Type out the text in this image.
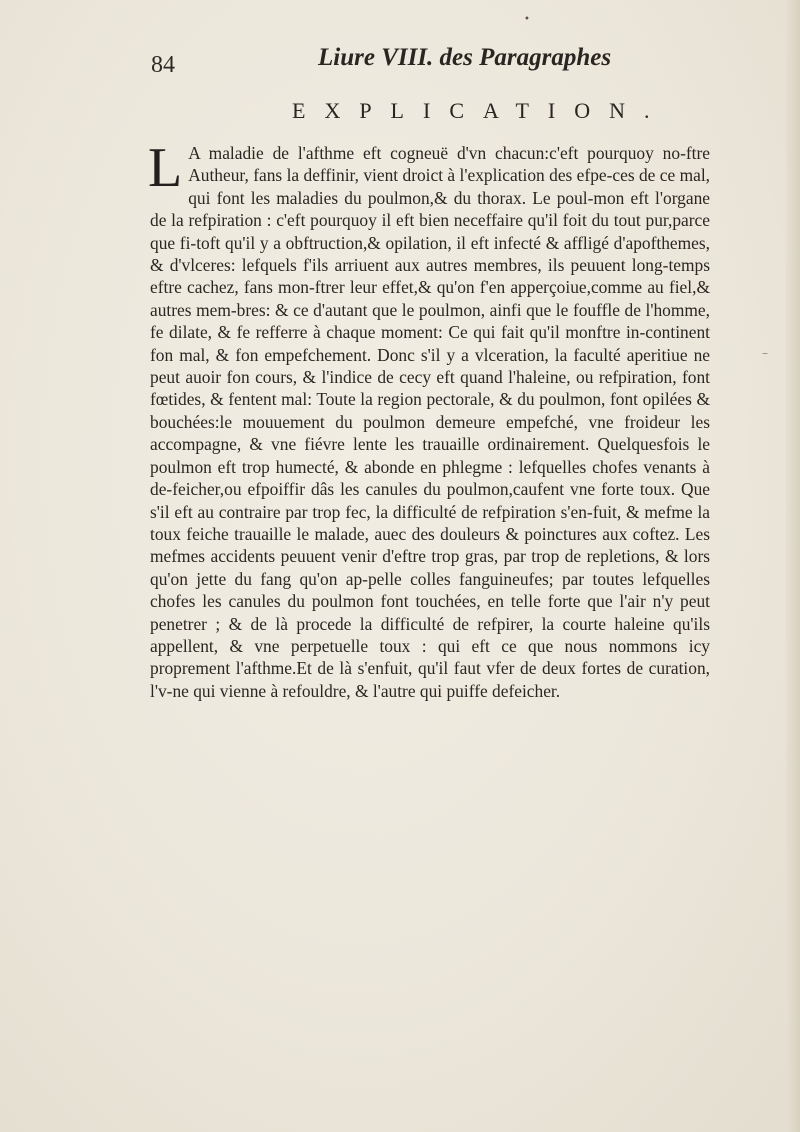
•
84	Liure VIII. des Paragraphes
EXPLICATION.
L A maladie de l'afthme eft cogneuë d'vn chacun:c'eft pourquoy no-ftre Autheur, fans la deffinir, vient droict à l'explication des efpe-ces de ce mal, qui font les maladies du poulmon,& du thorax. Le poul-mon eft l'organe de la refpiration : c'eft pourquoy il eft bien neceffaire qu'il foit du tout pur,parce que fi-toft qu'il y a obftruction,& opilation, il eft infecté & affligé d'apofthemes, & d'vlceres: lefquels f'ils arriuent aux autres membres, ils peuuent long-temps eftre cachez, fans mon-ftrer leur effet,& qu'on f'en apperçoiue,comme au fiel,& autres mem-bres: & ce d'autant que le poulmon, ainfi que le fouffle de l'homme, fe dilate, & fe refferre à chaque moment: Ce qui fait qu'il monftre in-continent fon mal, & fon empefchement. Donc s'il y a vlceration, la faculté aperitiue ne peut auoir fon cours, & l'indice de cecy eft quand l'haleine, ou refpiration, font fœtides, & fentent mal: Toute la region pectorale, & du poulmon, font opilées & bouchées:le mouuement du poulmon demeure empefché, vne froideur les accompagne, & vne fiévre lente les trauaille ordinairement. Quelquesfois le poulmon eft trop humecté, & abonde en phlegme : lefquelles chofes venants à de-feicher,ou efpoiffir dâs les canules du poulmon,caufent vne forte toux. Que s'il eft au contraire par trop fec, la difficulté de refpiration s'en-fuit, & mefme la toux feiche trauaille le malade, auec des douleurs & poinctures aux coftez. Les mefmes accidents peuuent venir d'eftre trop gras, par trop de repletions, & lors qu'on jette du fang qu'on ap-pelle colles fanguineufes; par toutes lefquelles chofes les canules du poulmon font touchées, en telle forte que l'air n'y peut penetrer ; & de là procede la difficulté de refpirer, la courte haleine qu'ils appellent, & vne perpetuelle toux : qui eft ce que nous nommons icy proprement l'afthme.Et de là s'enfuit, qu'il faut vfer de deux fortes de curation, l'v-ne qui vienne à refouldre, & l'autre qui puiffe defeicher.
–
